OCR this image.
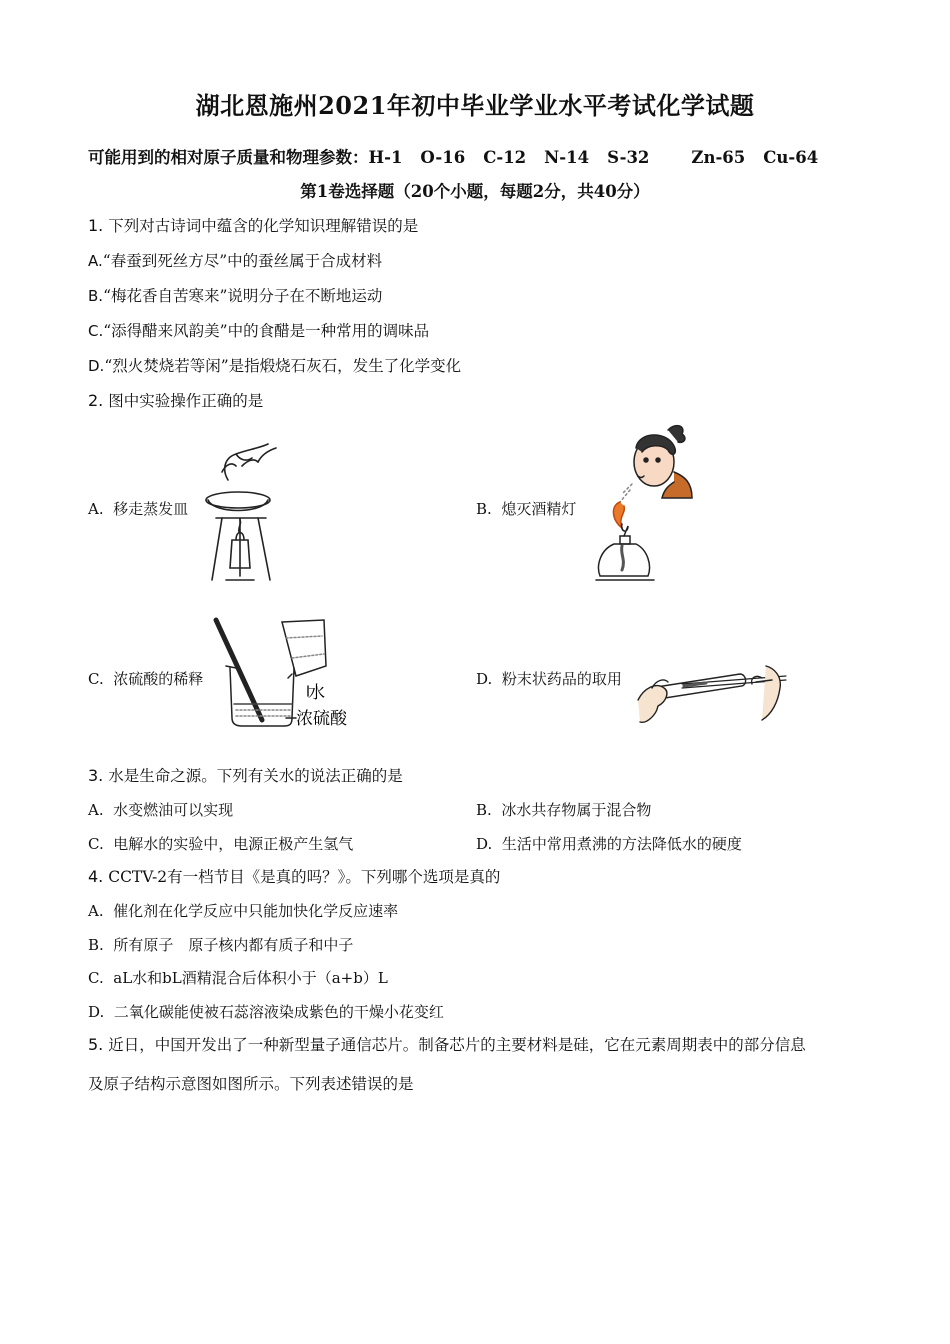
湖北恩施州2021年初中毕业学业水平考试化学试题
可能用到的相对原子质量和物理参数：H-1 O-16 C-12 N-14 S-32	Zn-65 Cu-64
第1卷选择题（20个小题，每题2分，共40分）
1. 下列对古诗词中蕴含的化学知识理解错误的是
A.“春蚕到死丝方尽”中的蚕丝属于合成材料
B.“梅花香自苦寒来”说明分子在不断地运动
C.“添得醋来风韵美”中的食醋是一种常用的调味品
D.“烈火焚烧若等闲”是指煅烧石灰石，发生了化学变化
2. 图中实验操作正确的是
A. 移走蒸发皿	B. 熄灭酒精灯
C. 浓硫酸的稀释	D. 粉末状药品的取用
水
浓硫酸
3. 水是生命之源。下列有关水的说法正确的是
A. 水变燃油可以实现	B. 冰水共存物属于混合物
C. 电解水的实验中，电源正极产生氢气	D. 生活中常用煮沸的方法降低水的硬度
4. CCTV-2有一档节目《是真的吗？》。下列哪个选项是真的
A. 催化剂在化学反应中只能加快化学反应速率
B. 所有原子　原子核内都有质子和中子
C. aL水和bL酒精混合后体积小于（a+b）L
D. 二氧化碳能使被石蕊溶液染成紫色的干燥小花变红
5. 近日，中国开发出了一种新型量子通信芯片。制备芯片的主要材料是硅，它在元素周期表中的部分信息
及原子结构示意图如图所示。下列表述错误的是
